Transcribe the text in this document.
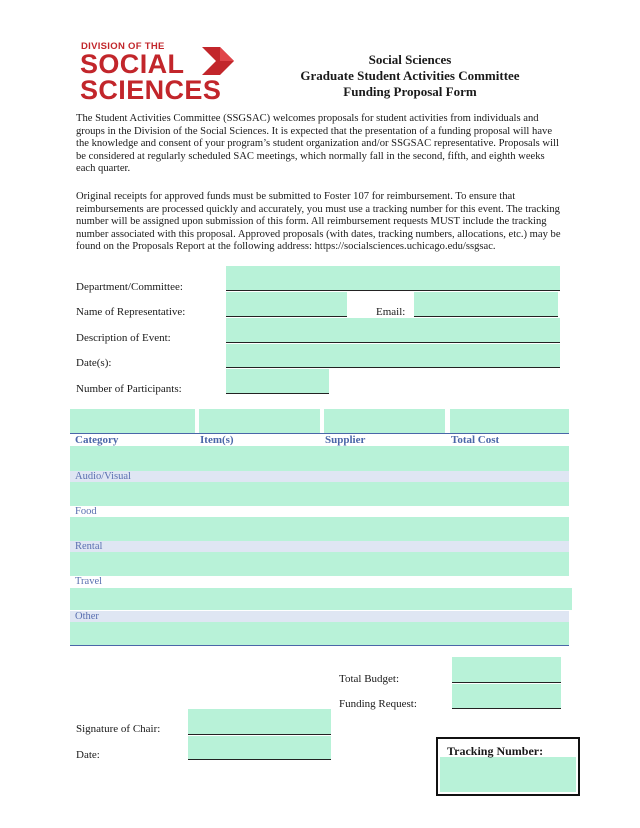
DIVISION OF THE
SOCIAL
SCIENCES
Social Sciences
Graduate Student Activities Committee
Funding Proposal Form
The Student Activities Committee (SSGSAC) welcomes proposals for student activities from individuals and groups in the Division of the Social Sciences. It is expected that the presentation of a funding proposal will have the knowledge and consent of your program’s student organization and/or SSGSAC representative. Proposals will be considered at regularly scheduled SAC meetings, which normally fall in the second, fifth, and eighth weeks each quarter.
Original receipts for approved funds must be submitted to Foster 107 for reimbursement. To ensure that reimbursements are processed quickly and accurately, you must use a tracking number for this event. The tracking number will be assigned upon submission of this form. All reimbursement requests MUST include the tracking number associated with this proposal. Approved proposals (with dates, tracking numbers, allocations, etc.) may be found on the Proposals Report at the following address: https://socialsciences.uchicago.edu/ssgsac.
Department/Committee:
Name of Representative:	Email:
Description of Event:
Date(s):
Number of Participants:
Category	Item(s)	Supplier	Total Cost
Audio/Visual
Food
Rental
Travel
Other
Total Budget:
Funding Request:
Signature of Chair:
Date:	Tracking Number:
